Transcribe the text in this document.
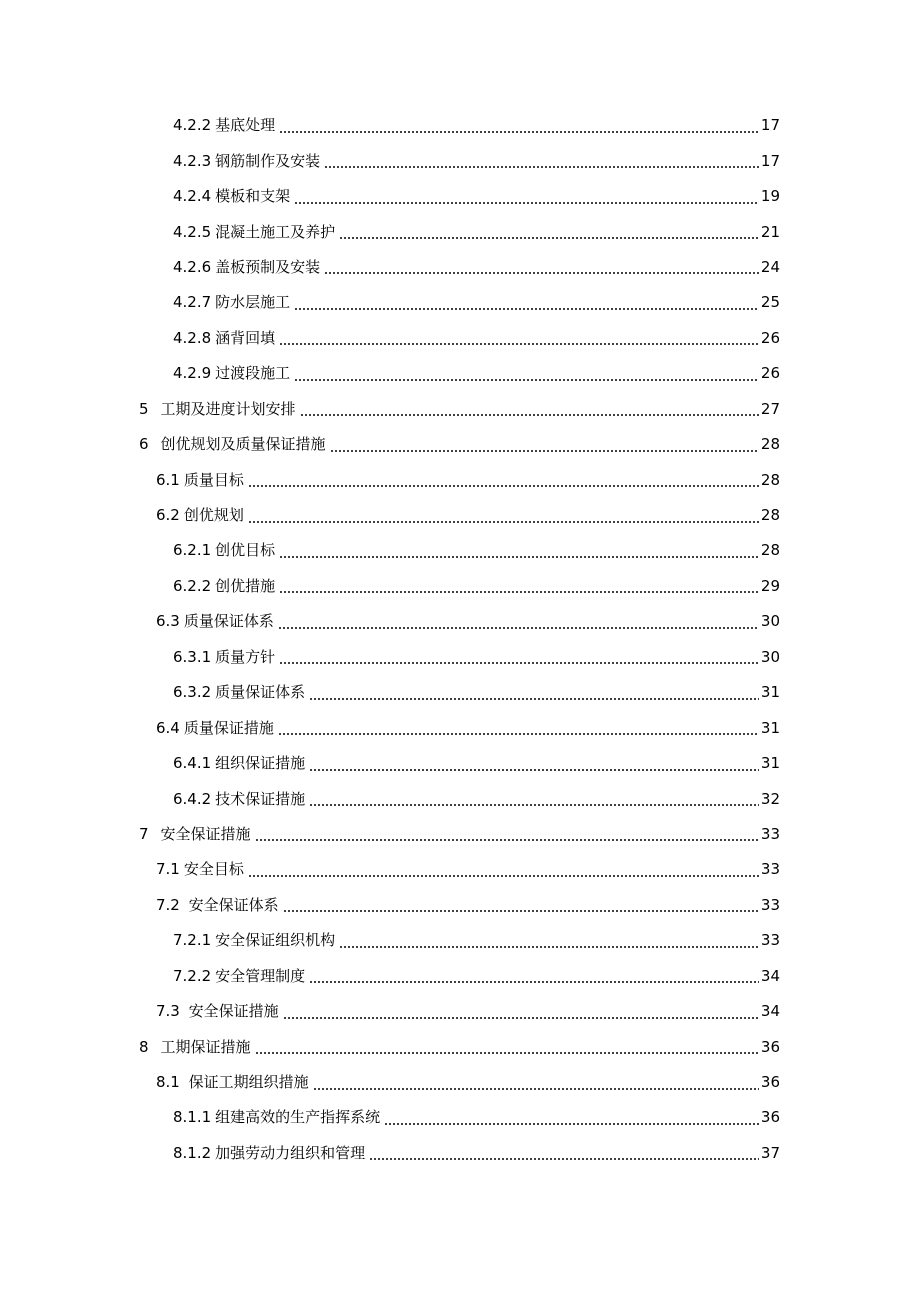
4.2.2 基底处理	17
4.2.3 钢筋制作及安装	17
4.2.4 模板和支架	19
4.2.5 混凝土施工及养护	21
4.2.6 盖板预制及安装	24
4.2.7 防水层施工	25
4.2.8 涵背回填	26
4.2.9 过渡段施工	26
5 工期及进度计划安排	27
6 创优规划及质量保证措施	28
6.1 质量目标	28
6.2 创优规划	28
6.2.1 创优目标	28
6.2.2 创优措施	29
6.3 质量保证体系	30
6.3.1 质量方针	30
6.3.2 质量保证体系	31
6.4 质量保证措施	31
6.4.1 组织保证措施	31
6.4.2 技术保证措施	32
7 安全保证措施	33
7.1 安全目标	33
7.2 安全保证体系	33
7.2.1 安全保证组织机构	33
7.2.2 安全管理制度	34
7.3 安全保证措施	34
8 工期保证措施	36
8.1 保证工期组织措施	36
8.1.1 组建高效的生产指挥系统	36
8.1.2 加强劳动力组织和管理	37
